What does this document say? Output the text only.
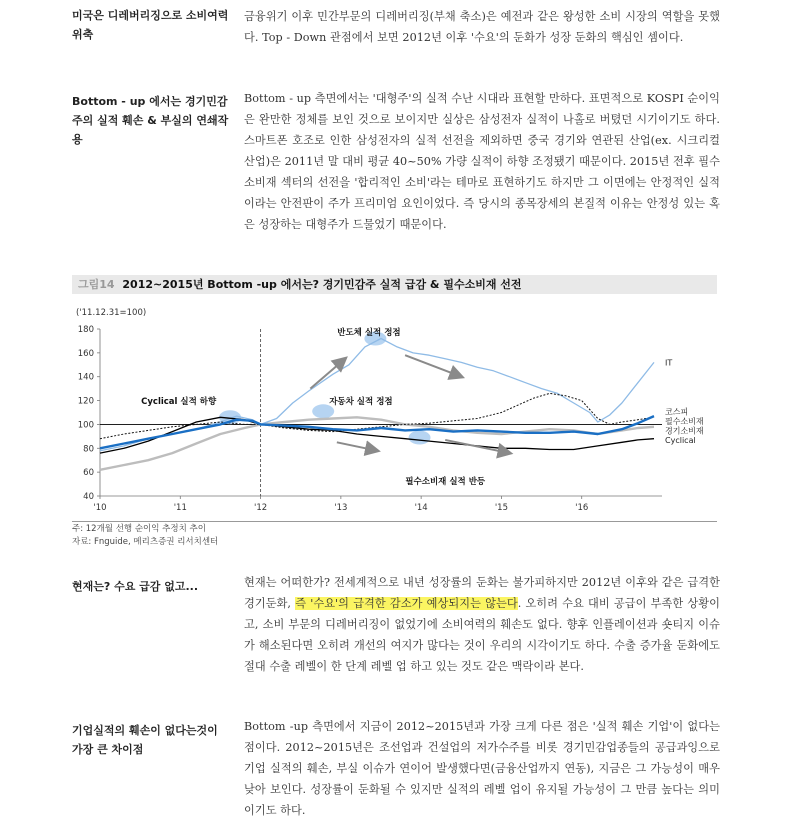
미국은 디레버리징으로 소비여력 위축
금융위기 이후 민간부문의 디레버리징(부채 축소)은 예전과 같은 왕성한 소비 시장의 역할을 못했다. Top - Down 관점에서 보면 2012년 이후 '수요'의 둔화가 성장 둔화의 핵심인 셈이다.
Bottom - up 에서는 경기민감주의 실적 훼손 & 부실의 연쇄작용
Bottom - up 측면에서는 '대형주'의 실적 수난 시대라 표현할 만하다. 표면적으로 KOSPI 순이익은 완만한 정체를 보인 것으로 보이지만 실상은 삼성전자 실적이 나홀로 버텼던 시기이기도 하다. 스마트폰 호조로 인한 삼성전자의 실적 선전을 제외하면 중국 경기와 연관된 산업(ex. 시크리컬 산업)은 2011년 말 대비 평균 40~50% 가량 실적이 하향 조정됐기 때문이다. 2015년 전후 필수소비재 섹터의 선전을 '합리적인 소비'라는 테마로 표현하기도 하지만 그 이면에는 안정적인 실적이라는 안전판이 주가 프리미엄 요인이었다. 즉 당시의 종목장세의 본질적 이유는 안정성 있는 혹은 성장하는 대형주가 드물었기 때문이다.
그림14 2012~2015년 Bottom -up 에서는? 경기민감주 실적 급감 & 필수소비재 선전
('11.12.31=100)
40
60
80
100
120
140
160
180
'10	'11	'12	'13	'14	'15	'16
IT
코스피
필수소비재
경기소비재
Cyclical
반도체 실적 정점
Cyclical 실적 하향	자동차 실적 정점
필수소비재 실적 반등
주: 12개월 선행 순이익 추정치 추이
자료: Fnguide, 메리츠증권 리서치센터
현재는? 수요 급감 없고...	현재는 어떠한가? 전세계적으로 내년 성장률의 둔화는 불가피하지만 2012년 이후와 같은 급격한 경기둔화, 즉 '수요'의 급격한 감소가 예상되지는 않는다. 오히려 수요 대비 공급이 부족한 상황이고, 소비 부문의 디레버리징이 없었기에 소비여력의 훼손도 없다. 향후 인플레이션과 숏티지 이슈가 해소된다면 오히려 개선의 여지가 많다는 것이 우리의 시각이기도 하다. 수출 증가율 둔화에도 절대 수출 레벨이 한 단계 레벨 업 하고 있는 것도 같은 맥락이라 본다.
기업실적의 훼손이 없다는것이 가장 큰 차이점
Bottom -up 측면에서 지금이 2012~2015년과 가장 크게 다른 점은 '실적 훼손 기업'이 없다는 점이다. 2012~2015년은 조선업과 건설업의 저가수주를 비롯 경기민감업종들의 공급과잉으로 기업 실적의 훼손, 부실 이슈가 연이어 발생했다면(금융산업까지 연동), 지금은 그 가능성이 매우 낮아 보인다. 성장률이 둔화될 수 있지만 실적의 레벨 업이 유지될 가능성이 그 만큼 높다는 의미이기도 하다.
